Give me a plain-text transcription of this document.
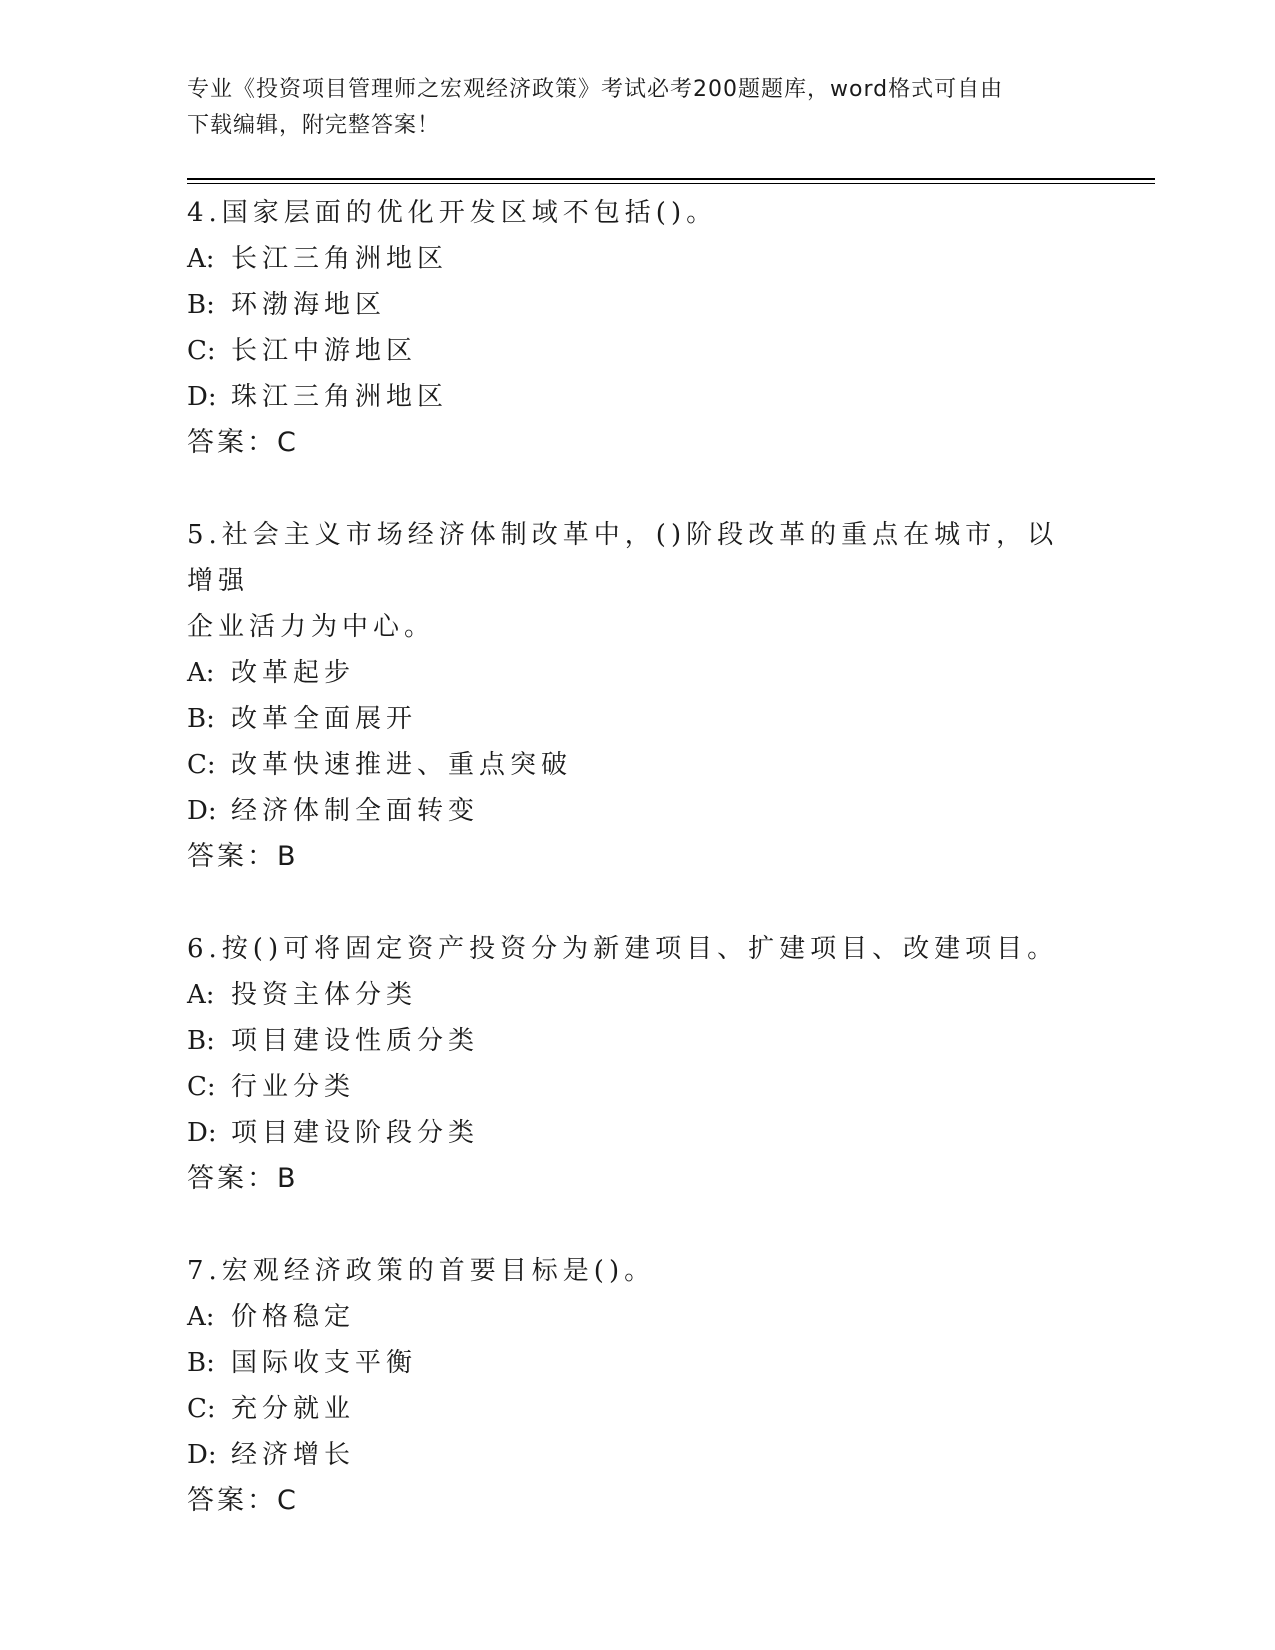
专业《投资项目管理师之宏观经济政策》考试必考200题题库，word格式可自由
下载编辑，附完整答案！
4.国家层面的优化开发区域不包括()。
A: 长江三角洲地区
B: 环渤海地区
C: 长江中游地区
D: 珠江三角洲地区
答案：C
5.社会主义市场经济体制改革中，()阶段改革的重点在城市，以增强
企业活力为中心。
A: 改革起步
B: 改革全面展开
C: 改革快速推进、重点突破
D: 经济体制全面转变
答案：B
6.按()可将固定资产投资分为新建项目、扩建项目、改建项目。
A: 投资主体分类
B: 项目建设性质分类
C: 行业分类
D: 项目建设阶段分类
答案：B
7.宏观经济政策的首要目标是()。
A: 价格稳定
B: 国际收支平衡
C: 充分就业
D: 经济增长
答案：C
